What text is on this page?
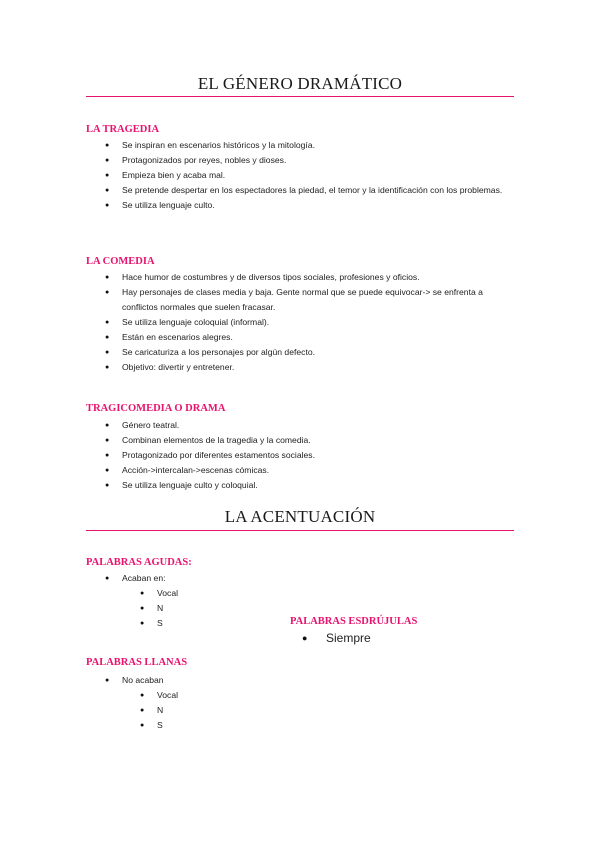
EL GÉNERO DRAMÁTICO
LA TRAGEDIA
● Se inspiran en escenarios históricos y la mitología.
● Protagonizados por reyes, nobles y dioses.
● Empieza bien y acaba mal.
● Se pretende despertar en los espectadores la piedad, el temor y la identificación con los problemas.
● Se utiliza lenguaje culto.
LA COMEDIA
● Hace humor de costumbres y de diversos tipos sociales, profesiones y oficios.
● Hay personajes de clases media y baja. Gente normal que se puede equivocar-> se enfrenta a conflictos normales que suelen fracasar.
● Se utiliza lenguaje coloquial (informal).
● Están en escenarios alegres.
● Se caricaturiza a los personajes por algún defecto.
● Objetivo: divertir y entretener.
TRAGICOMEDIA O DRAMA
● Género teatral.
● Combinan elementos de la tragedia y la comedia.
● Protagonizado por diferentes estamentos sociales.
● Acción->intercalan->escenas cómicas.
● Se utiliza lenguaje culto y coloquial.
LA ACENTUACIÓN
PALABRAS AGUDAS:
● Acaban en:
● Vocal
● N
● S	PALABRAS ESDRÚJULAS
● Siempre
PALABRAS LLANAS
● No acaban
● Vocal
● N
● S
